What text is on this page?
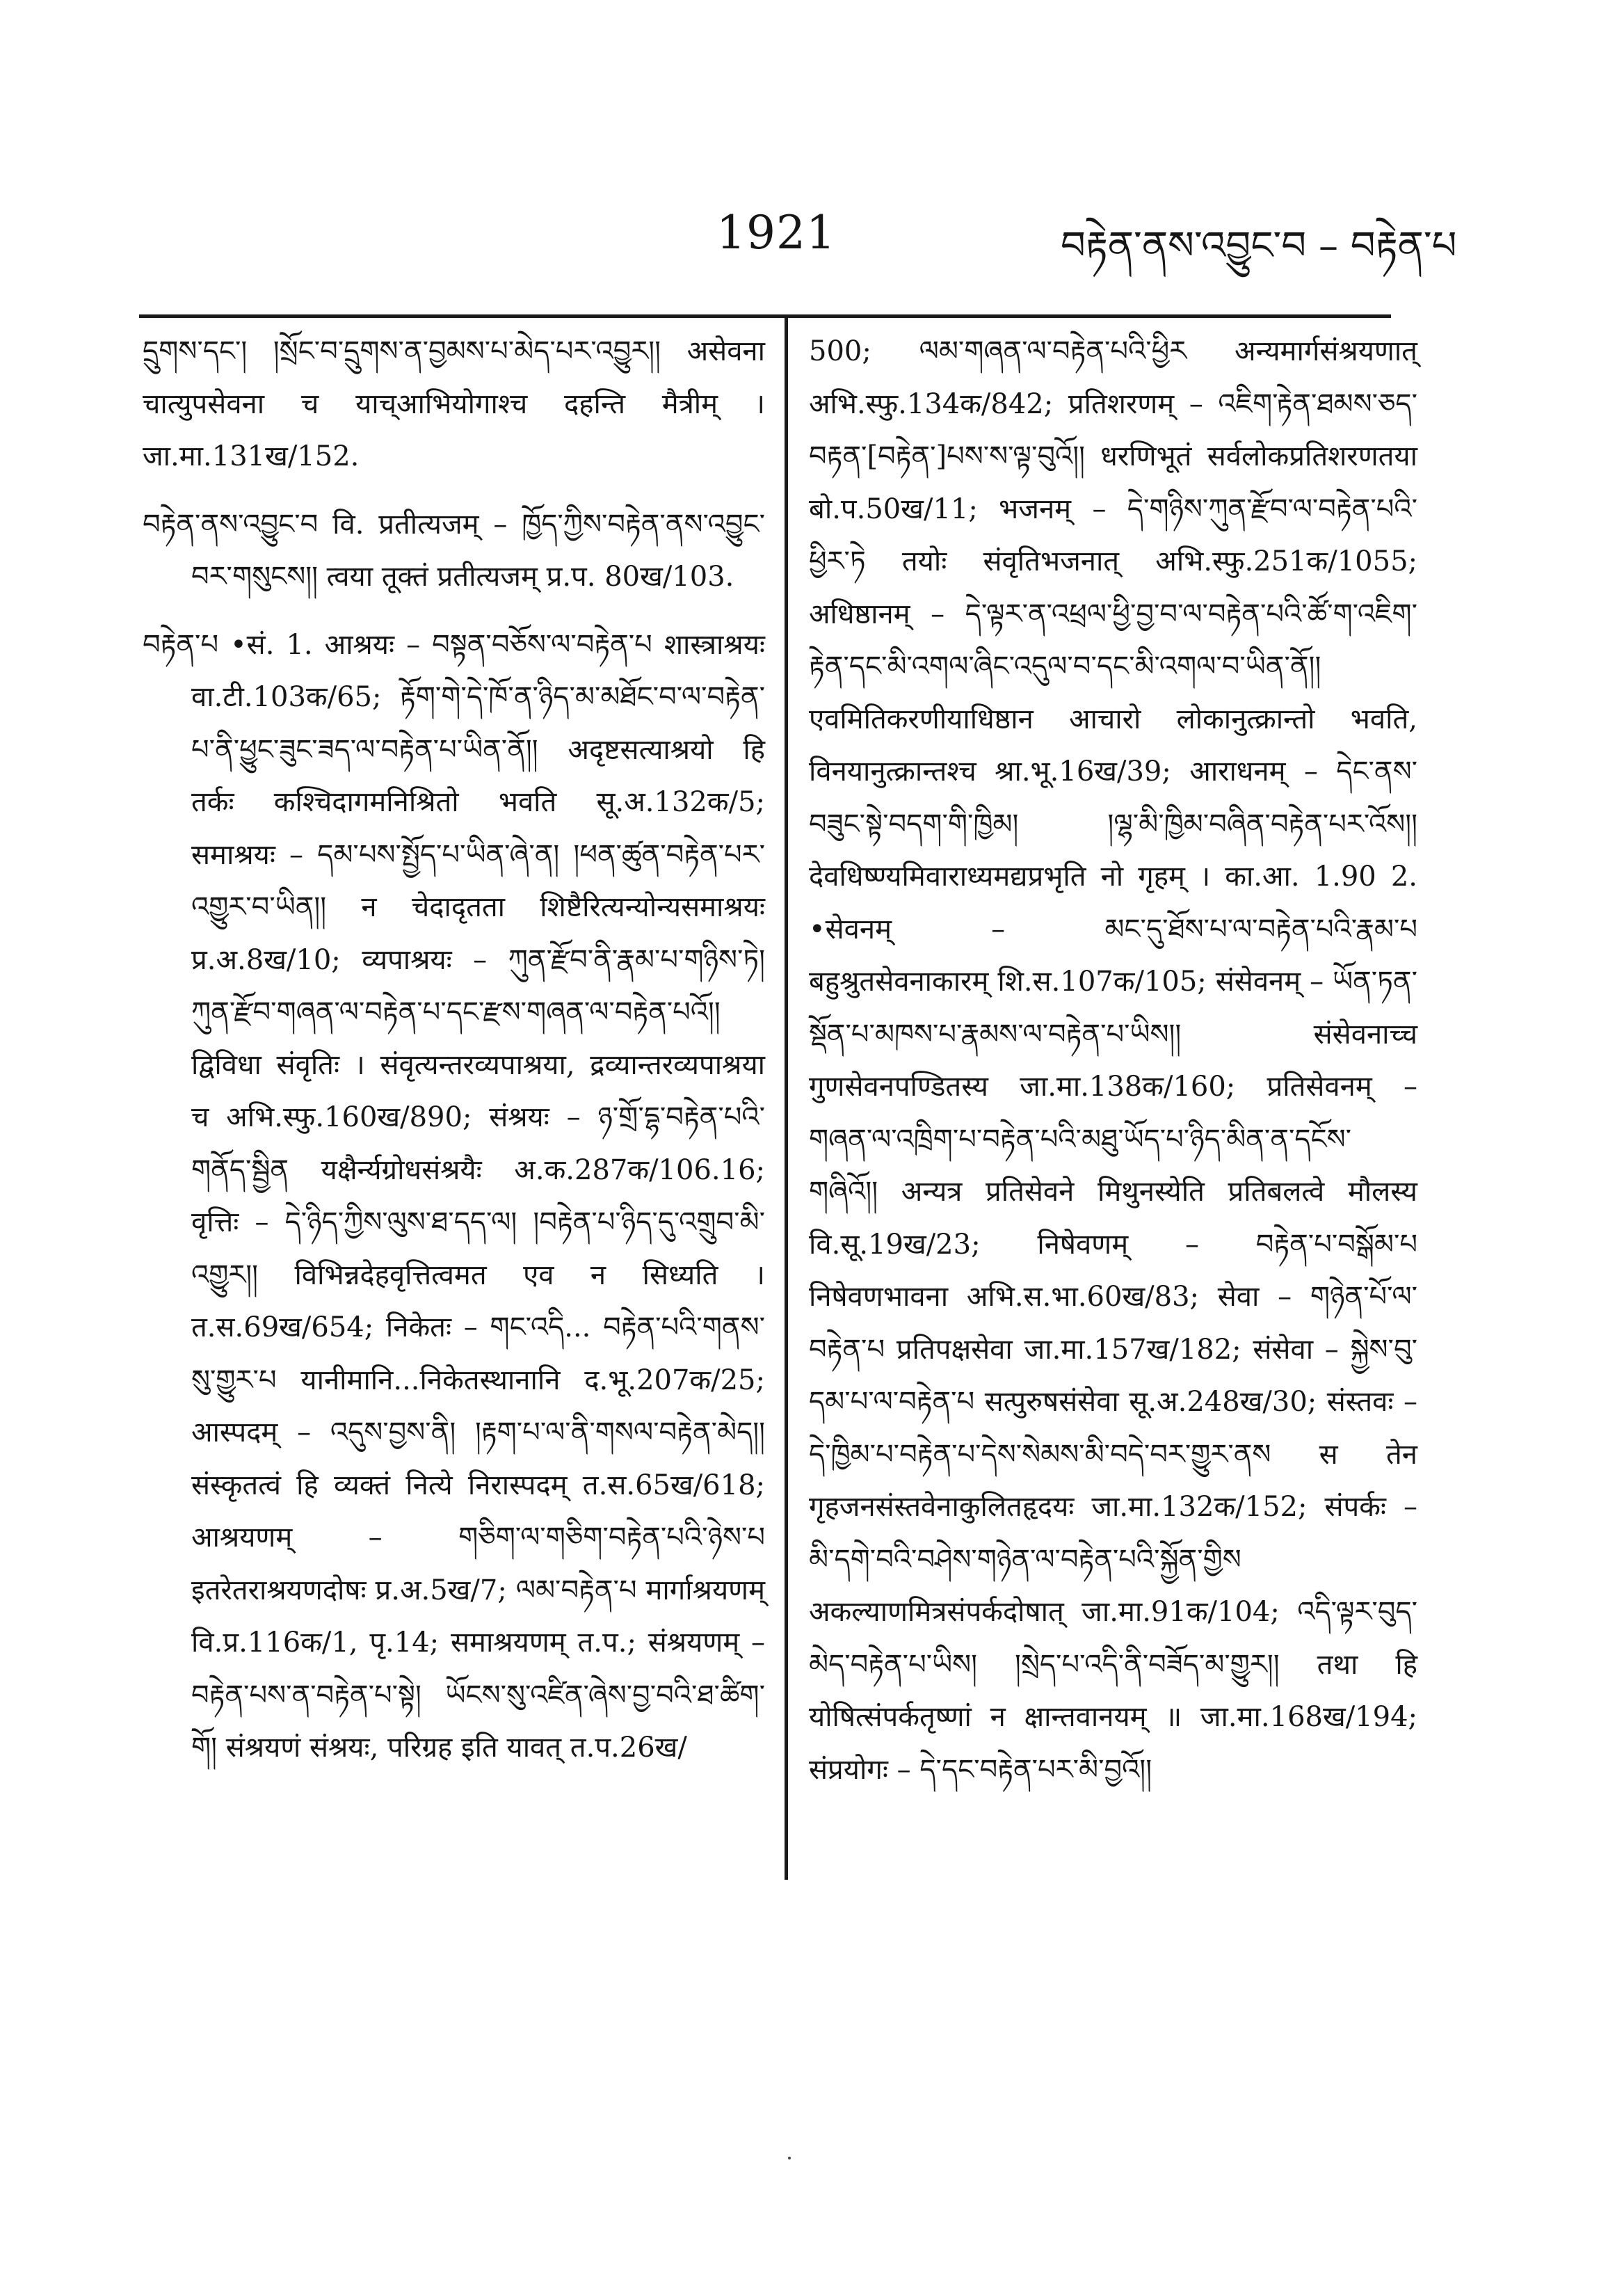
1921	བརྟེན་ནས་འབྱུང་བ – བརྟེན་པ

དྲུགས་དང་། །སྲོང་བ་དྲུགས་ན་བྱམས་པ་མེད་པར་འབྱུར།། असेवना चात्युपसेवना च याच्आभियोगाश्च दहन्ति मैत्रीम् । जा.मा.131ख/152.

བརྟེན་ནས་འབྱུང་བ वि. प्रतीत्यजम् – ཁྱོད་ཀྱིས་བརྟེན་ནས་འབྱུང་བར་གསུངས།། त्वया तूक्तं प्रतीत्यजम् प्र.प. 80ख/103.

བརྟེན་པ •सं. 1. आश्रयः – བསྟན་བཅོས་ལ་བརྟེན་པ शास्त्राश्रयः वा.टी.103क/65; རྟོག་གེ་དེ་ཁོ་ན་ཉིད་མ་མཐོང་བ་ལ་བརྟེན་པ་ནི་ཕྱུང་ཟུང་ཟད་ལ་བརྟེན་པ་ཡིན་ནོ།། अदृष्टसत्याश्रयो हि तर्कः कश्चिदागमनिश्रितो भवति सू.अ.132क/5; समाश्रयः – དམ་པས་སྤྱོད་པ་ཡིན་ཞེ་ན། །ཕན་ཚུན་བརྟེན་པར་འགྱུར་བ་ཡིན།། न चेदादृतता शिष्टैरित्यन्योन्यसमाश्रयः प्र.अ.8ख/10; व्यपाश्रयः – ཀུན་རྫོབ་ནི་རྣམ་པ་གཉིས་ཏེ། ཀུན་རྫོབ་གཞན་ལ་བརྟེན་པ་དང་རྫས་གཞན་ལ་བརྟེན་པའོ།། द्विविधा संवृतिः । संवृत्यन्तरव्यपाश्रया, द्रव्यान्तरव्यपाश्रया च अभि.स्फु.160ख/890; संश्रयः – ཉ་གྲོ་དྷ་བརྟེན་པའི་གནོད་སྦྱིན यक्षैर्न्यग्रोधसंश्रयैः अ.क.287क/106.16; वृत्तिः – དེ་ཉིད་ཀྱིས་ལུས་ཐ་དད་ལ། །བརྟེན་པ་ཉིད་དུ་འགྲུབ་མི་འགྱུར།། विभिन्नदेहवृत्तित्वमत एव न सिध्यति । त.स.69ख/654; निकेतः – གང་འདི... བརྟེན་པའི་གནས་སུ་གྱུར་པ यानीमानि...निकेतस्थानानि द.भू.207क/25; आस्पदम् – འདུས་བྱས་ནི། །རྟག་པ་ལ་ནི་གསལ་བརྟེན་མེད།། संस्कृतत्वं हि व्यक्तं नित्ये निरास्पदम् त.स.65ख/618; आश्रयणम् – གཅིག་ལ་གཅིག་བརྟེན་པའི་ཉེས་པ इतरेतराश्रयणदोषः प्र.अ.5ख/7; ལམ་བརྟེན་པ मार्गाश्रयणम् वि.प्र.116क/1, पृ.14; समाश्रयणम् त.प.; संश्रयणम् – བརྟེན་པས་ན་བརྟེན་པ་སྟེ། ཡོངས་སུ་འཛིན་ཞེས་བྱ་བའི་ཐ་ཚིག་གོ། संश्रयणं संश्रयः, परिग्रह इति यावत् त.प.26ख/

500; ལམ་གཞན་ལ་བརྟེན་པའི་ཕྱིར अन्यमार्गसंश्रयणात् अभि.स्फु.134क/842; प्रतिशरणम् – འཇིག་རྟེན་ཐམས་ཅད་བརྟན་[བརྟེན་]པས་ས་ལྟ་བུའོ།། धरणिभूतं सर्वलोकप्रतिशरणतया बो.प.50ख/11; भजनम् – དེ་གཉིས་ཀུན་རྫོབ་ལ་བརྟེན་པའི་ཕྱིར་ཏེ तयोः संवृतिभजनात् अभि.स्फु.251क/1055; अधिष्ठानम् – དེ་ལྟར་ན་འཕྲལ་ཕྱི་བྱ་བ་ལ་བརྟེན་པའི་ཚོ་ག་འཇིག་རྟེན་དང་མི་འགལ་ཞིང་འདུལ་བ་དང་མི་འགལ་བ་ཡིན་ནོ།། एवमितिकरणीयाधिष्ठान आचारो लोकानुत्क्रान्तो भवति, विनयानुत्क्रान्तश्च श्रा.भू.16ख/39; आराधनम् – དེང་ནས་བཟུང་སྟེ་བདག་གི་ཁྱིམ། །ལྷ་མི་ཁྱིམ་བཞིན་བརྟེན་པར་འོས།། देवधिष्ण्यमिवाराध्यमद्यप्रभृति नो गृहम् । का.आ. 1.90 2. •सेवनम् – མང་དུ་ཐོས་པ་ལ་བརྟེན་པའི་རྣམ་པ बहुश्रुतसेवनाकारम् शि.स.107क/105; संसेवनम् – ཡོན་ཏན་སྡོན་པ་མཁས་པ་རྣམས་ལ་བརྟེན་པ་ཡིས།། संसेवनाच्च गुणसेवनपण्डितस्य जा.मा.138क/160; प्रतिसेवनम् – གཞན་ལ་འཁྲིག་པ་བརྟེན་པའི་མཐུ་ཡོད་པ་ཉིད་མིན་ན་དངོས་གཞིའོ།། अन्यत्र प्रतिसेवने मिथुनस्येति प्रतिबलत्वे मौलस्य वि.सू.19ख/23; निषेवणम् – བརྟེན་པ་བསྒོམ་པ निषेवणभावना अभि.स.भा.60ख/83; सेवा – གཉེན་པོ་ལ་བརྟེན་པ प्रतिपक्षसेवा जा.मा.157ख/182; संसेवा – སྐྱེས་བུ་དམ་པ་ལ་བརྟེན་པ सत्पुरुषसंसेवा सू.अ.248ख/30; संस्तवः – དེ་ཁྱིམ་པ་བརྟེན་པ་དེས་སེམས་མི་བདེ་བར་གྱུར་ནས स तेन गृहजनसंस्तवेनाकुलितहृदयः जा.मा.132क/152; संपर्कः – མི་དགེ་བའི་བཤེས་གཉེན་ལ་བརྟེན་པའི་སྐྱོན་གྱིས अकल्याणमित्रसंपर्कदोषात् जा.मा.91क/104; འདི་ལྟར་བུད་མེད་བརྟེན་པ་ཡིས། །སྲེད་པ་འདི་ནི་བཟོད་མ་གྱུར།། तथा हि योषित्संपर्कतृष्णां न क्षान्तवानयम् ॥ जा.मा.168ख/194; संप्रयोगः – དེ་དང་བརྟེན་པར་མི་བྱའོ།།
